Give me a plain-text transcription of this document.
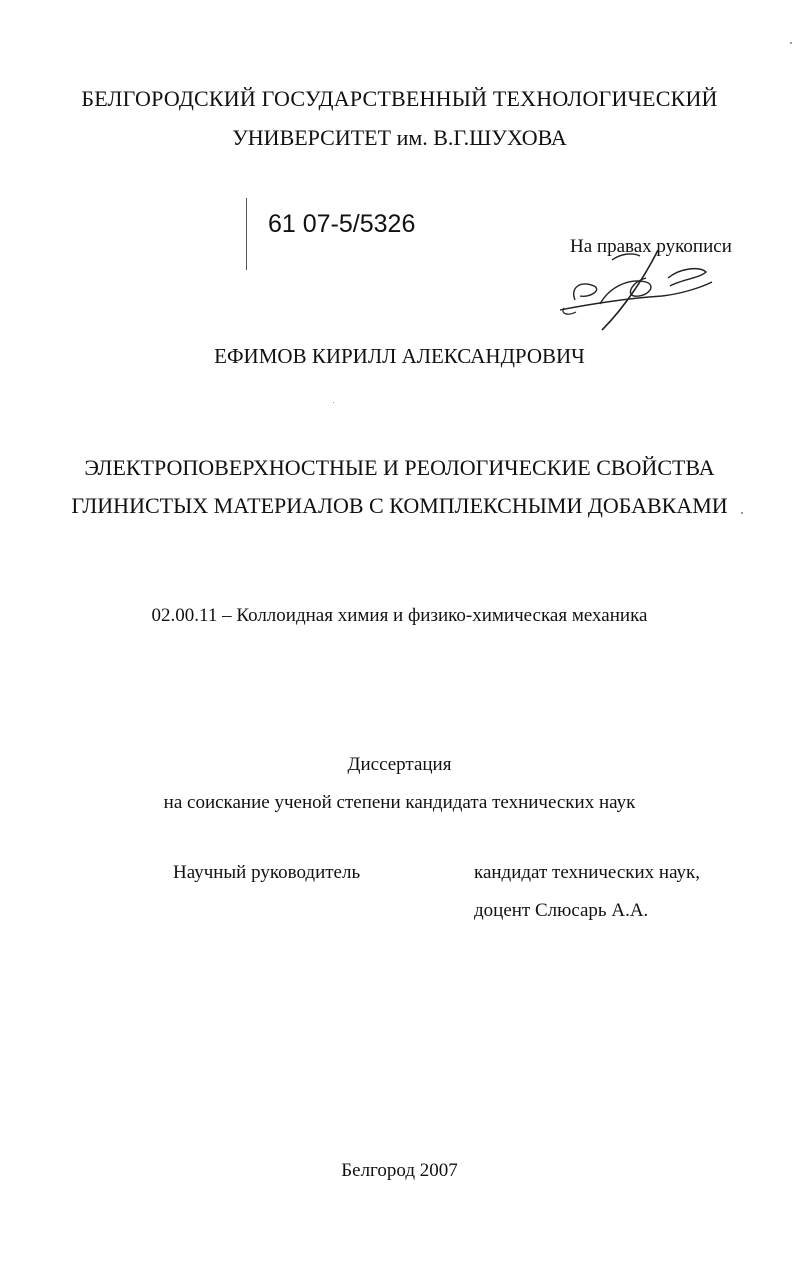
БЕЛГОРОДСКИЙ ГОСУДАРСТВЕННЫЙ ТЕХНОЛОГИЧЕСКИЙ
УНИВЕРСИТЕТ им. В.Г.ШУХОВА
61 07-5/5326
На правах рукописи
ЕФИМОВ КИРИЛЛ АЛЕКСАНДРОВИЧ
ЭЛЕКТРОПОВЕРХНОСТНЫЕ И РЕОЛОГИЧЕСКИЕ СВОЙСТВА
ГЛИНИСТЫХ МАТЕРИАЛОВ С КОМПЛЕКСНЫМИ ДОБАВКАМИ
02.00.11 – Коллоидная химия и физико-химическая механика
Диссертация
на соискание ученой степени кандидата технических наук
Научный руководитель	кандидат технических наук,
доцент Слюсарь А.А.
Белгород 2007
